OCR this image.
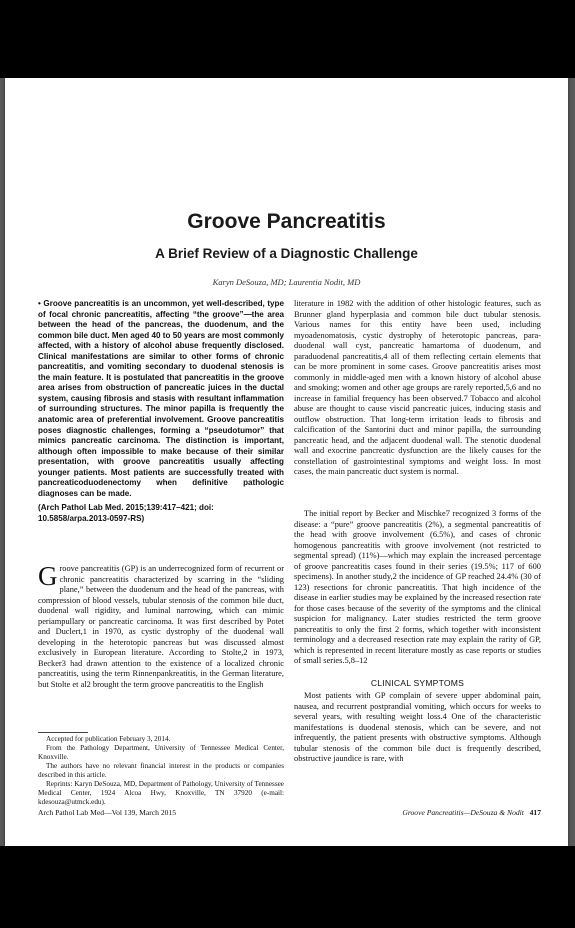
Groove Pancreatitis
A Brief Review of a Diagnostic Challenge
Karyn DeSouza, MD; Laurentia Nodit, MD
• Groove pancreatitis is an uncommon, yet well-described, type of focal chronic pancreatitis, affecting “the groove”—the area between the head of the pancreas, the duodenum, and the common bile duct. Men aged 40 to 50 years are most commonly affected, with a history of alcohol abuse frequently disclosed. Clinical manifestations are similar to other forms of chronic pancreatitis, and vomiting secondary to duodenal stenosis is the main feature. It is postulated that pancreatitis in the groove area arises from obstruction of pancreatic juices in the ductal system, causing fibrosis and stasis with resultant inflammation of surrounding structures. The minor papilla is frequently the anatomic area of preferential involvement. Groove pancreatitis poses diagnostic challenges, forming a “pseudotumor” that mimics pancreatic carcinoma. The distinction is important, although often impossible to make because of their similar presentation, with groove pancreatitis usually affecting younger patients. Most patients are successfully treated with pancreaticoduodenectomy when definitive pathologic diagnoses can be made.
(Arch Pathol Lab Med. 2015;139:417–421; doi: 10.5858/arpa.2013-0597-RS)
Groove pancreatitis (GP) is an underrecognized form of recurrent or chronic pancreatitis characterized by scarring in the “sliding plane,” between the duodenum and the head of the pancreas, with compression of blood vessels, tubular stenosis of the common bile duct, duodenal wall rigidity, and luminal narrowing, which can mimic periampullary or pancreatic carcinoma. It was first described by Potet and Duclert,1 in 1970, as cystic dystrophy of the duodenal wall developing in the heterotopic pancreas but was discussed almost exclusively in European literature. According to Stolte,2 in 1973, Becker3 had drawn attention to the existence of a localized chronic pancreatitis, using the term Rinnenpankreatitis, in the German literature, but Stolte et al2 brought the term groove pancreatitis to the English

Accepted for publication February 3, 2014.

From the Pathology Department, University of Tennessee Medical Center, Knoxville.

The authors have no relevant financial interest in the products or companies described in this article.

Reprints: Karyn DeSouza, MD, Department of Pathology, University of Tennessee Medical Center, 1924 Alcoa Hwy, Knoxville, TN 37920 (e-mail: kdesouza@utmck.edu).

literature in 1982 with the addition of other histologic features, such as Brunner gland hyperplasia and common bile duct tubular stenosis. Various names for this entity have been used, including myoadenomatosis, cystic dystrophy of heterotopic pancreas, para-duodenal wall cyst, pancreatic hamartoma of duodenum, and paraduodenal pancreatitis,4 all of them reflecting certain elements that can be more prominent in some cases. Groove pancreatitis arises most commonly in middle-aged men with a known history of alcohol abuse and smoking; women and other age groups are rarely reported,5,6 and no increase in familial frequency has been observed.7 Tobacco and alcohol abuse are thought to cause viscid pancreatic juices, inducing stasis and outflow obstruction. That long-term irritation leads to fibrosis and calcification of the Santorini duct and minor papilla, the surrounding pancreatic head, and the adjacent duodenal wall. The stenotic duodenal wall and exocrine pancreatic dysfunction are the likely causes for the constellation of gastrointestinal symptoms and weight loss. In most cases, the main pancreatic duct system is normal.
The initial report by Becker and Mischke7 recognized 3 forms of the disease: a “pure” groove pancreatitis (2%), a segmental pancreatitis of the head with groove involvement (6.5%), and cases of chronic homogenous pancreatitis with groove involvement (not restricted to segmental spread) (11%)—which may explain the increased percentage of groove pancreatitis cases found in their series (19.5%; 117 of 600 specimens). In another study,2 the incidence of GP reached 24.4% (30 of 123) resections for chronic pancreatitis. That high incidence of the disease in earlier studies may be explained by the increased resection rate for those cases because of the severity of the symptoms and the clinical suspicion for malignancy. Later studies restricted the term groove pancreatitis to only the first 2 forms, which together with inconsistent terminology and a decreased resection rate may explain the rarity of GP, which is represented in recent literature mostly as case reports or studies of small series.5,8–12
CLINICAL SYMPTOMS
Most patients with GP complain of severe upper abdominal pain, nausea, and recurrent postprandial vomiting, which occurs for weeks to several years, with resulting weight loss.4 One of the characteristic manifestations is duodenal stenosis, which can be severe, and not infrequently, the patient presents with obstructive symptoms. Although tubular stenosis of the common bile duct is frequently described, obstructive jaundice is rare, with
Arch Pathol Lab Med—Vol 139, March 2015	Groove Pancreatitis—DeSouza & Nodit 417
